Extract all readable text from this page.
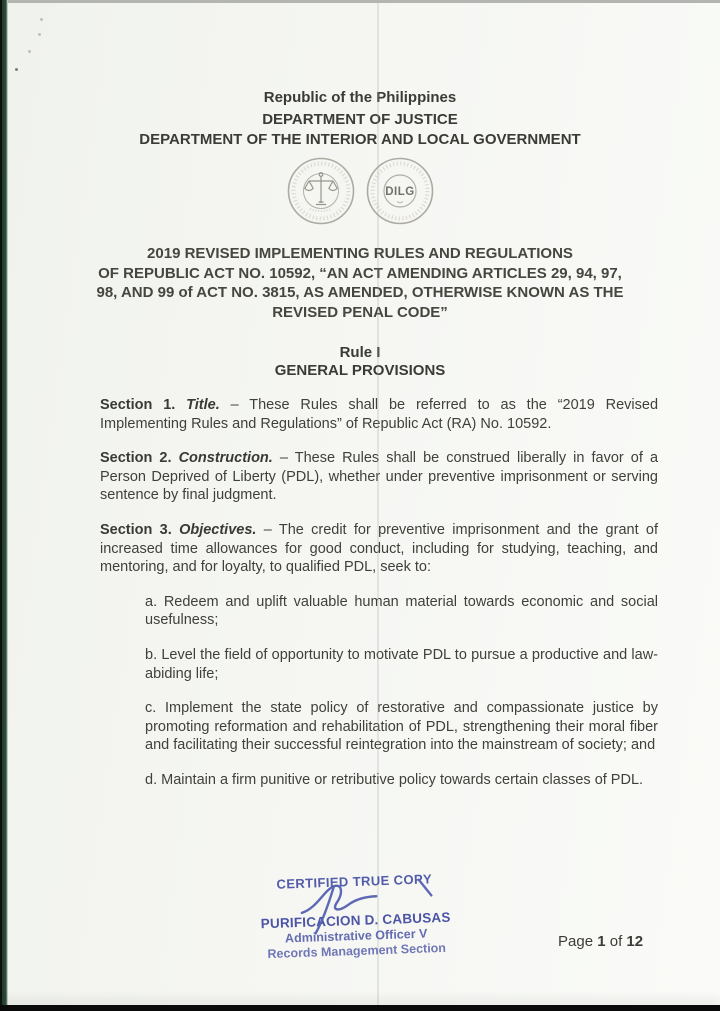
Republic of the Philippines
DEPARTMENT OF JUSTICE
DEPARTMENT OF THE INTERIOR AND LOCAL GOVERNMENT
DILG
2019 REVISED IMPLEMENTING RULES AND REGULATIONS
OF REPUBLIC ACT NO. 10592, “AN ACT AMENDING ARTICLES 29, 94, 97,
98, AND 99 of ACT NO. 3815, AS AMENDED, OTHERWISE KNOWN AS THE
REVISED PENAL CODE”
Rule I
GENERAL PROVISIONS

Section 1. Title. – These Rules shall be referred to as the “2019 Revised Implementing Rules and Regulations” of Republic Act (RA) No. 10592.

Section 2. Construction. – These Rules shall be construed liberally in favor of a Person Deprived of Liberty (PDL), whether under preventive imprisonment or serving sentence by final judgment.

Section 3. Objectives. – The credit for preventive imprisonment and the grant of increased time allowances for good conduct, including for studying, teaching, and mentoring, and for loyalty, to qualified PDL, seek to:

a. Redeem and uplift valuable human material towards economic and social usefulness;

b. Level the field of opportunity to motivate PDL to pursue a productive and law-abiding life;

c. Implement the state policy of restorative and compassionate justice by promoting reformation and rehabilitation of PDL, strengthening their moral fiber and facilitating their successful reintegration into the mainstream of society; and

d. Maintain a firm punitive or retributive policy towards certain classes of PDL.

CERTIFIED TRUE COPY
PURIFICACION D. CABUSAS
Administrative Officer V
Records Management Section	Page 1 of 12
